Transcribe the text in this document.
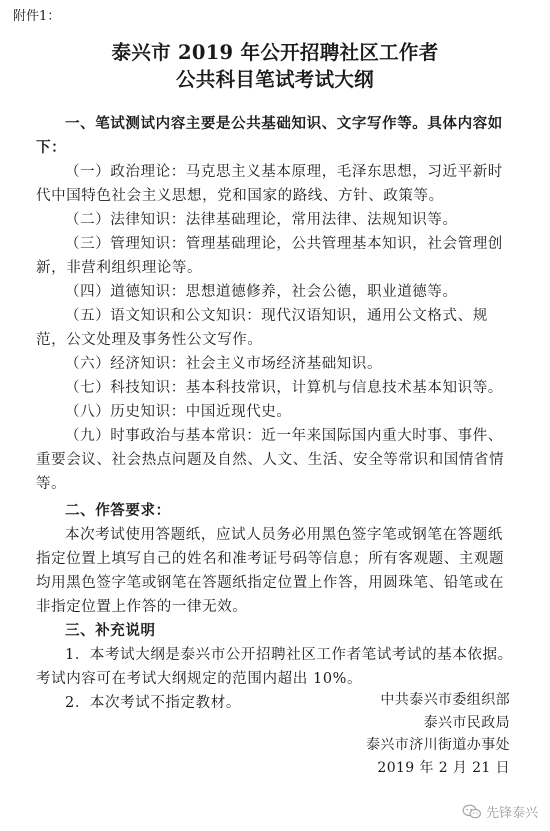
附件1：
泰兴市 2019 年公开招聘社区工作者
公共科目笔试考试大纲

一、笔试测试内容主要是公共基础知识、文字写作等。具体内容如下：

（一）政治理论：马克思主义基本原理，毛泽东思想，习近平新时代中国特色社会主义思想，党和国家的路线、方针、政策等。

（二）法律知识：法律基础理论，常用法律、法规知识等。

（三）管理知识：管理基础理论，公共管理基本知识，社会管理创新，非营利组织理论等。

（四）道德知识：思想道德修养，社会公德，职业道德等。

（五）语文知识和公文知识：现代汉语知识，通用公文格式、规范，公文处理及事务性公文写作。

（六）经济知识：社会主义市场经济基础知识。

（七）科技知识：基本科技常识，计算机与信息技术基本知识等。

（八）历史知识：中国近现代史。

（九）时事政治与基本常识：近一年来国际国内重大时事、事件、重要会议、社会热点问题及自然、人文、生活、安全等常识和国情省情等。

二、作答要求：

本次考试使用答题纸，应试人员务必用黑色签字笔或钢笔在答题纸指定位置上填写自己的姓名和准考证号码等信息；所有客观题、主观题均用黑色签字笔或钢笔在答题纸指定位置上作答，用圆珠笔、铅笔或在非指定位置上作答的一律无效。

三、补充说明

1．本考试大纲是泰兴市公开招聘社区工作者笔试考试的基本依据。考试内容可在考试大纲规定的范围内超出 10%。

2．本次考试不指定教材。	中共泰兴市委组织部
泰兴市民政局
泰兴市济川街道办事处
2019 年 2 月 21 日
先锋泰兴
